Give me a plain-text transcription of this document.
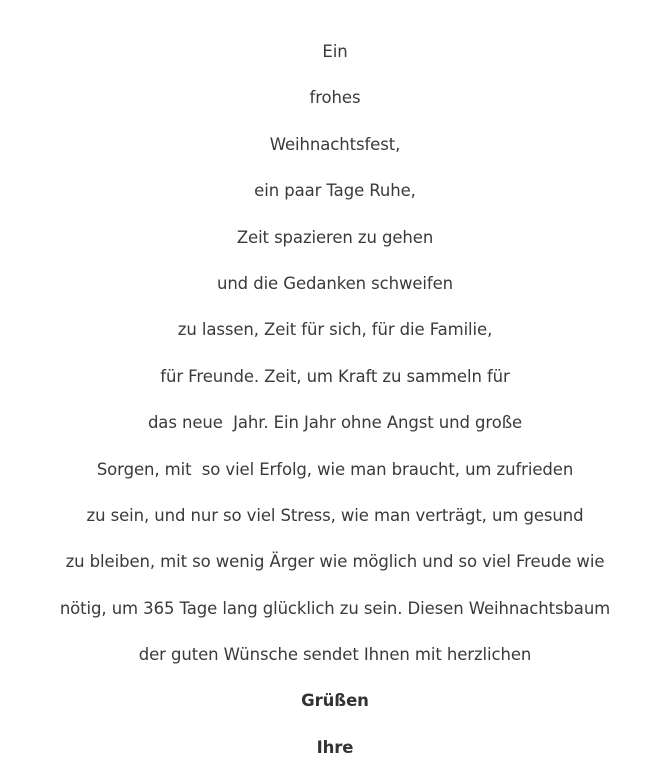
Ein
frohes
Weihnachtsfest,
ein paar Tage Ruhe,
Zeit spazieren zu gehen
und die Gedanken schweifen
zu lassen, Zeit für sich, für die Familie,
für Freunde. Zeit, um Kraft zu sammeln für
das neue  Jahr. Ein Jahr ohne Angst und große
Sorgen, mit  so viel Erfolg, wie man braucht, um zufrieden
zu sein, und nur so viel Stress, wie man verträgt, um gesund
zu bleiben, mit so wenig Ärger wie möglich und so viel Freude wie
nötig, um 365 Tage lang glücklich zu sein. Diesen Weihnachtsbaum
der guten Wünsche sendet Ihnen mit herzlichen
Grüßen
Ihre
